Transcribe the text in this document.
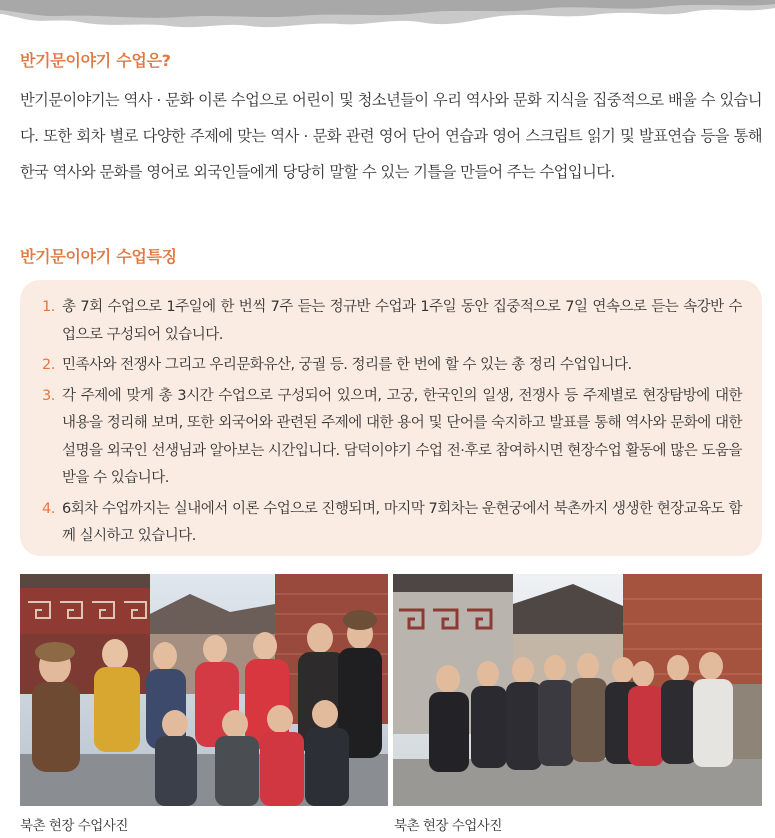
반기문이야기 수업은?

반기문이야기는 역사 · 문화 이론 수업으로 어린이 및 청소년들이 우리 역사와 문화 지식을 집중적으로 배울 수 있습니다. 또한 회차 별로 다양한 주제에 맞는 역사 · 문화 관련 영어 단어 연습과 영어 스크립트 읽기 및 발표연습 등을 통해 한국 역사와 문화를 영어로 외국인들에게 당당히 말할 수 있는 기틀을 만들어 주는 수업입니다.

반기문이야기 수업특징
1. 총 7회 수업으로 1주일에 한 번씩 7주 듣는 정규반 수업과 1주일 동안 집중적으로 7일 연속으로 듣는 속강반 수업으로 구성되어 있습니다.
2. 민족사와 전쟁사 그리고 우리문화유산, 궁궐 등. 정리를 한 번에 할 수 있는 총 정리 수업입니다.
3. 각 주제에 맞게 총 3시간 수업으로 구성되어 있으며, 고궁, 한국인의 일생, 전쟁사 등 주제별로 현장탐방에 대한 내용을 정리해 보며, 또한 외국어와 관련된 주제에 대한 용어 및 단어를 숙지하고 발표를 통해 역사와 문화에 대한 설명을 외국인 선생님과 알아보는 시간입니다. 담덕이야기 수업 전·후로 참여하시면 현장수업 활동에 많은 도움을 받을 수 있습니다.
4. 6회차 수업까지는 실내에서 이론 수업으로 진행되며, 마지막 7회차는 운현궁에서 북촌까지 생생한 현장교육도 함께 실시하고 있습니다.

북촌 현장 수업사진	북촌 현장 수업사진
